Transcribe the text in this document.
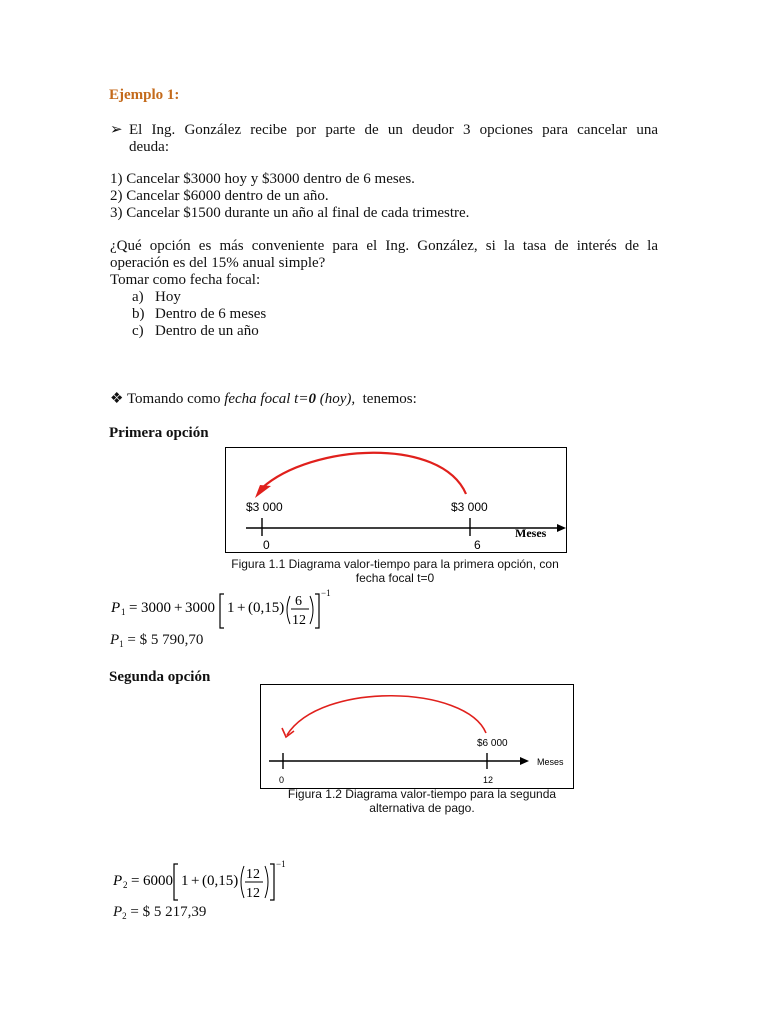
Ejemplo 1:
➢ El Ing. González recibe por parte de un deudor 3 opciones para cancelar una
deuda:
1) Cancelar $3000 hoy y $3000 dentro de 6 meses.
2) Cancelar $6000 dentro de un año.
3) Cancelar $1500 durante un año al final de cada trimestre.
¿Qué opción es más conveniente para el Ing. González, si la tasa de interés de la
operación es del 15% anual simple?
Tomar como fecha focal:
a) Hoy
b) Dentro de 6 meses
c) Dentro de un año
❖ Tomando como fecha focal t=0 (hoy),  tenemos:
Primera opción
$3 000	$3 000
0	6
Meses
Figura 1.1 Diagrama valor-tiempo para la primera opción, con
fecha focal t=0
P 1 = 3000 + 3000 1 + (0,15) 6
12
−1
$P_1$ = $ 5 790,70
Segunda opción
$6 000
0	12
Meses
Figura 1.2 Diagrama valor-tiempo para la segunda
alternativa de pago.
P 2 = 6000 1 + (0,15) 12
12
−1
$P_2$ = $ 5 217,39
